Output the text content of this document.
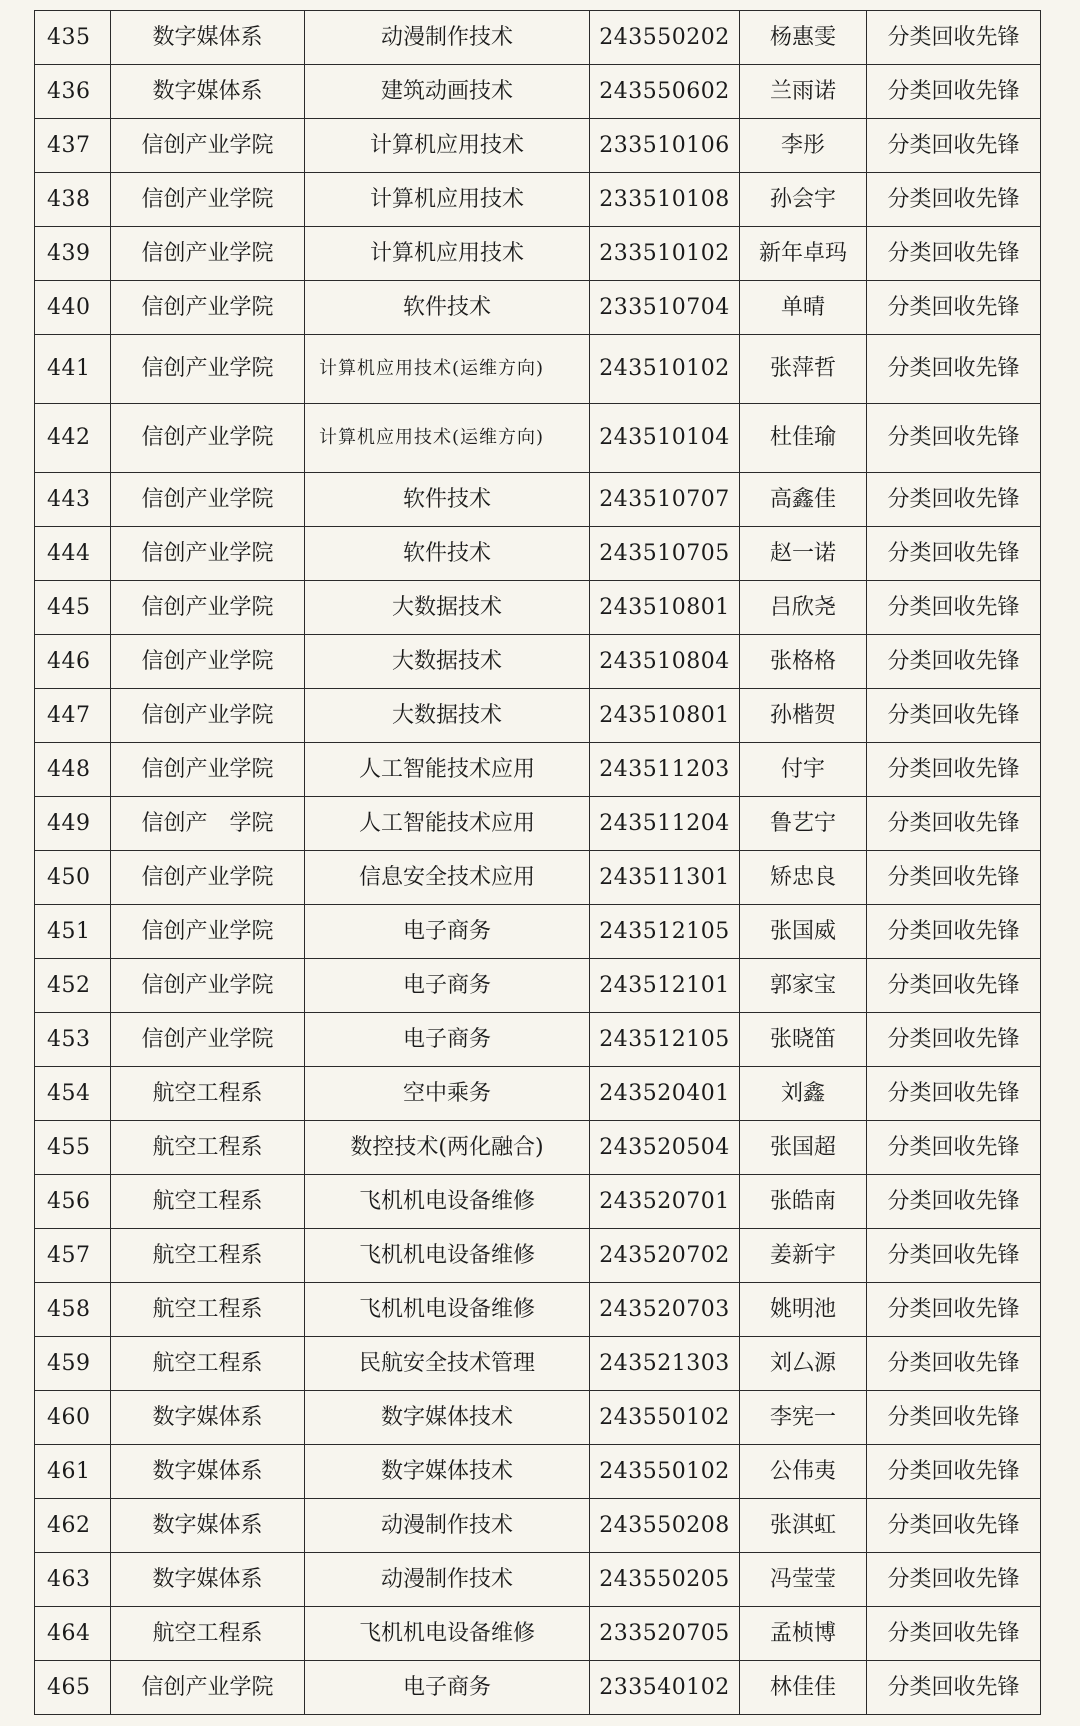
435	数字媒体系	动漫制作技术	243550202	杨惠雯	分类回收先锋
436	数字媒体系	建筑动画技术	243550602	兰雨诺	分类回收先锋
437	信创产业学院	计算机应用技术	233510106	李彤	分类回收先锋
438	信创产业学院	计算机应用技术	233510108	孙会宇	分类回收先锋
439	信创产业学院	计算机应用技术	233510102	新年卓玛	分类回收先锋
440	信创产业学院	软件技术	233510704	单晴	分类回收先锋
441	信创产业学院	计算机应用技术(运维方向)	243510102	张萍哲	分类回收先锋
442	信创产业学院	计算机应用技术(运维方向)	243510104	杜佳瑜	分类回收先锋
443	信创产业学院	软件技术	243510707	高鑫佳	分类回收先锋
444	信创产业学院	软件技术	243510705	赵一诺	分类回收先锋
445	信创产业学院	大数据技术	243510801	吕欣尧	分类回收先锋
446	信创产业学院	大数据技术	243510804	张格格	分类回收先锋
447	信创产业学院	大数据技术	243510801	孙楷贺	分类回收先锋
448	信创产业学院	人工智能技术应用	243511203	付宇	分类回收先锋
449	信创产　学院	人工智能技术应用	243511204	鲁艺宁	分类回收先锋
450	信创产业学院	信息安全技术应用	243511301	矫忠良	分类回收先锋
451	信创产业学院	电子商务	243512105	张国威	分类回收先锋
452	信创产业学院	电子商务	243512101	郭家宝	分类回收先锋
453	信创产业学院	电子商务	243512105	张晓笛	分类回收先锋
454	航空工程系	空中乘务	243520401	刘鑫	分类回收先锋
455	航空工程系	数控技术(两化融合)	243520504	张国超	分类回收先锋
456	航空工程系	飞机机电设备维修	243520701	张皓南	分类回收先锋
457	航空工程系	飞机机电设备维修	243520702	姜新宇	分类回收先锋
458	航空工程系	飞机机电设备维修	243520703	姚明池	分类回收先锋
459	航空工程系	民航安全技术管理	243521303	刘厶源	分类回收先锋
460	数字媒体系	数字媒体技术	243550102	李宪一	分类回收先锋
461	数字媒体系	数字媒体技术	243550102	公伟夷	分类回收先锋
462	数字媒体系	动漫制作技术	243550208	张淇虹	分类回收先锋
463	数字媒体系	动漫制作技术	243550205	冯莹莹	分类回收先锋
464	航空工程系	飞机机电设备维修	233520705	孟桢博	分类回收先锋
465	信创产业学院	电子商务	233540102	林佳佳	分类回收先锋
